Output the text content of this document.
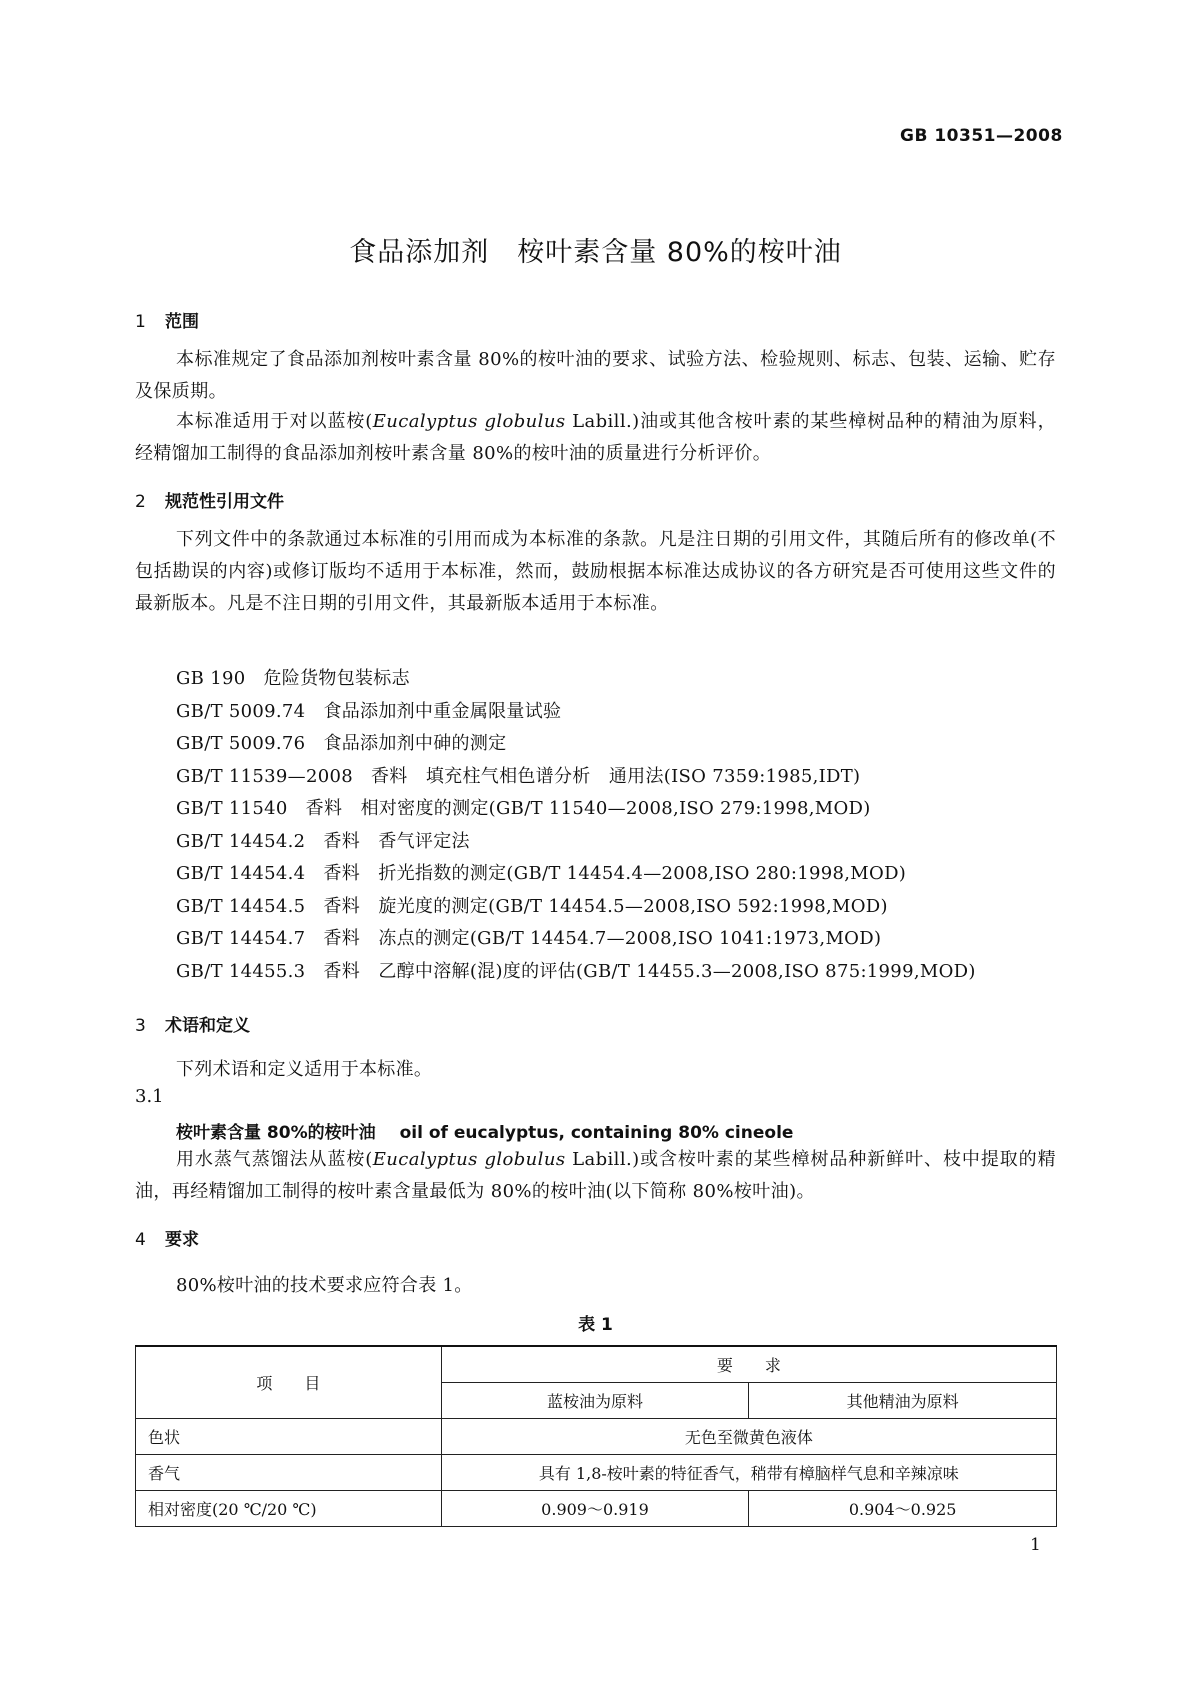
GB 10351—2008
食品添加剂　桉叶素含量 80%的桉叶油
1 范围
本标准规定了食品添加剂桉叶素含量 80%的桉叶油的要求、试验方法、检验规则、标志、包装、运输、贮存及保质期。
本标准适用于对以蓝桉(Eucalyptus globulus Labill.)油或其他含桉叶素的某些樟树品种的精油为原料，经精馏加工制得的食品添加剂桉叶素含量 80%的桉叶油的质量进行分析评价。
2 规范性引用文件
下列文件中的条款通过本标准的引用而成为本标准的条款。凡是注日期的引用文件，其随后所有的修改单(不包括勘误的内容)或修订版均不适用于本标准，然而，鼓励根据本标准达成协议的各方研究是否可使用这些文件的最新版本。凡是不注日期的引用文件，其最新版本适用于本标准。
GB 190 危险货物包装标志
GB/T 5009.74 食品添加剂中重金属限量试验
GB/T 5009.76 食品添加剂中砷的测定
GB/T 11539—2008 香料　填充柱气相色谱分析　通用法(ISO 7359:1985,IDT)
GB/T 11540 香料　相对密度的测定(GB/T 11540—2008,ISO 279:1998,MOD)
GB/T 14454.2 香料　香气评定法
GB/T 14454.4 香料　折光指数的测定(GB/T 14454.4—2008,ISO 280:1998,MOD)
GB/T 14454.5 香料　旋光度的测定(GB/T 14454.5—2008,ISO 592:1998,MOD)
GB/T 14454.7 香料　冻点的测定(GB/T 14454.7—2008,ISO 1041:1973,MOD)
GB/T 14455.3 香料　乙醇中溶解(混)度的评估(GB/T 14455.3—2008,ISO 875:1999,MOD)
3 术语和定义
下列术语和定义适用于本标准。
3.1
桉叶素含量 80%的桉叶油 oil of eucalyptus, containing 80% cineole
用水蒸气蒸馏法从蓝桉(Eucalyptus globulus Labill.)或含桉叶素的某些樟树品种新鲜叶、枝中提取的精油，再经精馏加工制得的桉叶素含量最低为 80%的桉叶油(以下简称 80%桉叶油)。
4 要求
80%桉叶油的技术要求应符合表 1。
表 1
项　　目	要　　求	
	蓝桉油为原料	其他精油为原料
色状	无色至微黄色液体	
香气	具有 1,8-桉叶素的特征香气，稍带有樟脑样气息和辛辣凉味	
相对密度(20 ℃/20 ℃)	0.909～0.919	0.904～0.925
1
